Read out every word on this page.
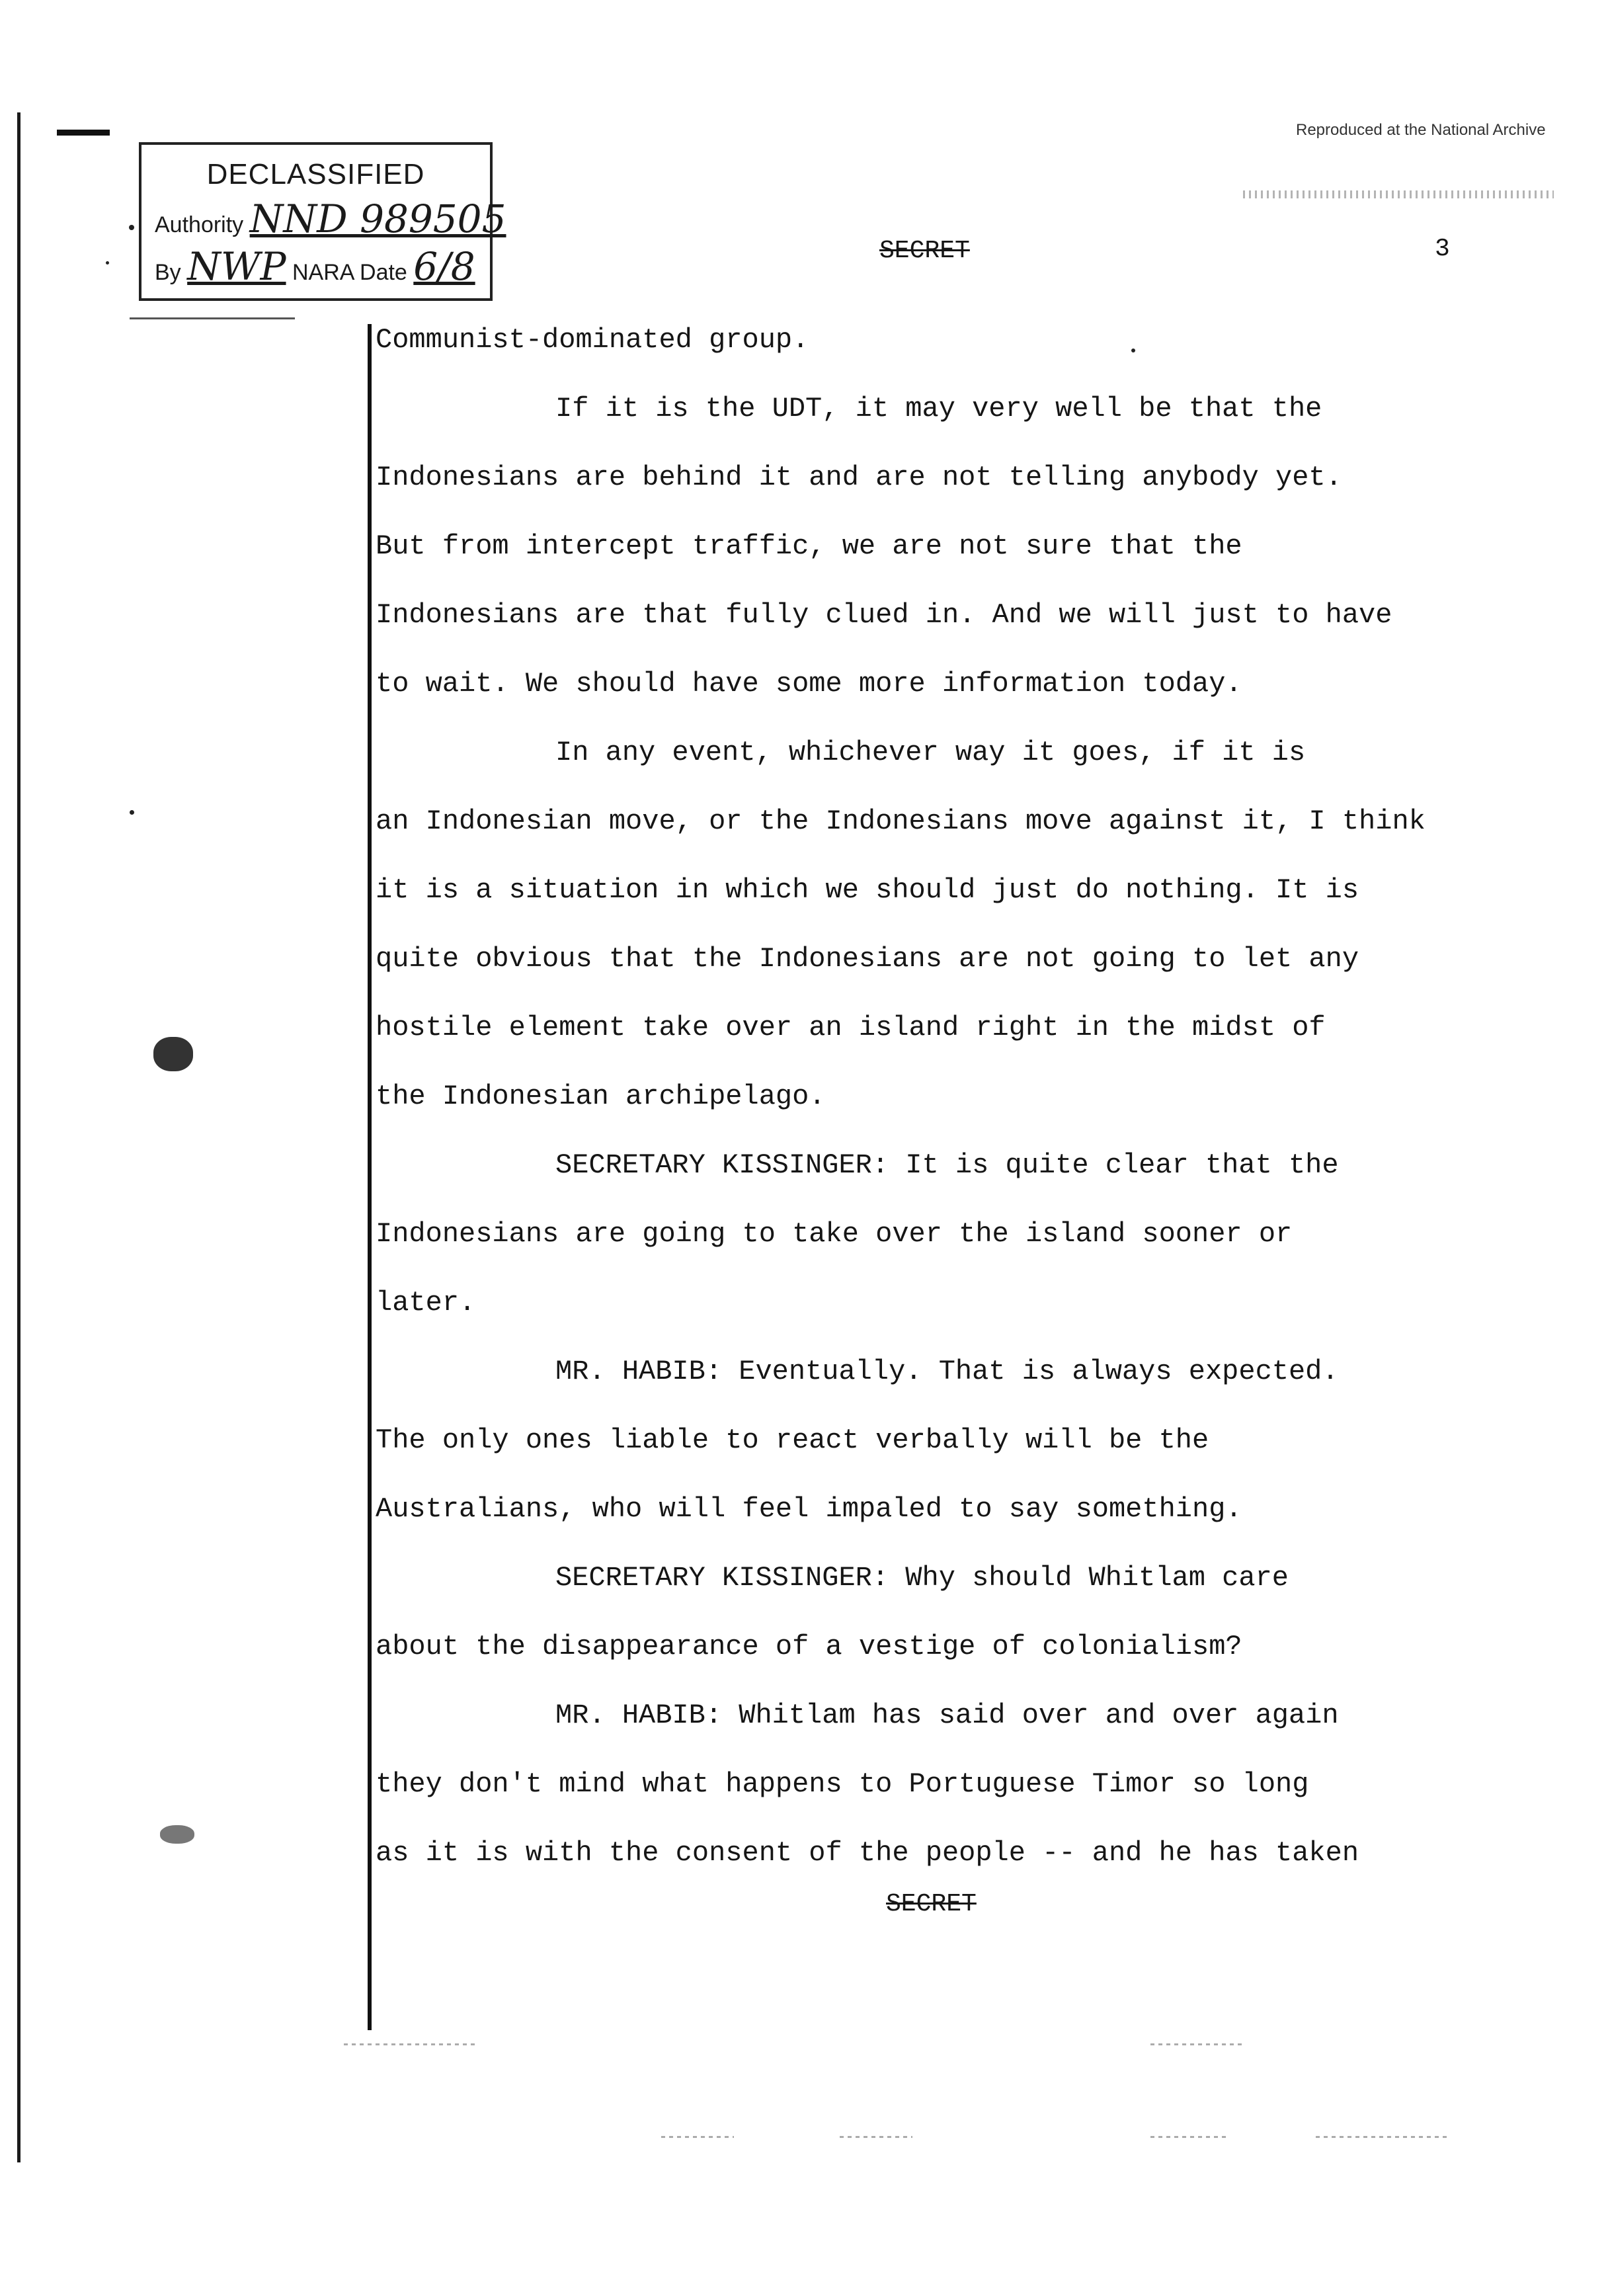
DECLASSIFIED
Authority NND 989505
By NWP NARA Date 6/8
Reproduced at the National Archive
SECRET	3

Communist-dominated group.

If it is the UDT, it may very well be that the

Indonesians are behind it and are not telling anybody yet.

But from intercept traffic, we are not sure that the

Indonesians are that fully clued in. And we will just to have

to wait. We should have some more information today.

In any event, whichever way it goes, if it is

an Indonesian move, or the Indonesians move against it, I think

it is a situation in which we should just do nothing. It is

quite obvious that the Indonesians are not going to let any

hostile element take over an island right in the midst of

the Indonesian archipelago.

SECRETARY KISSINGER: It is quite clear that the

Indonesians are going to take over the island sooner or

later.

MR. HABIB: Eventually. That is always expected.

The only ones liable to react verbally will be the

Australians, who will feel impaled to say something.

SECRETARY KISSINGER: Why should Whitlam care

about the disappearance of a vestige of colonialism?

MR. HABIB: Whitlam has said over and over again

they don't mind what happens to Portuguese Timor so long

as it is with the consent of the people -- and he has taken

SECRET
